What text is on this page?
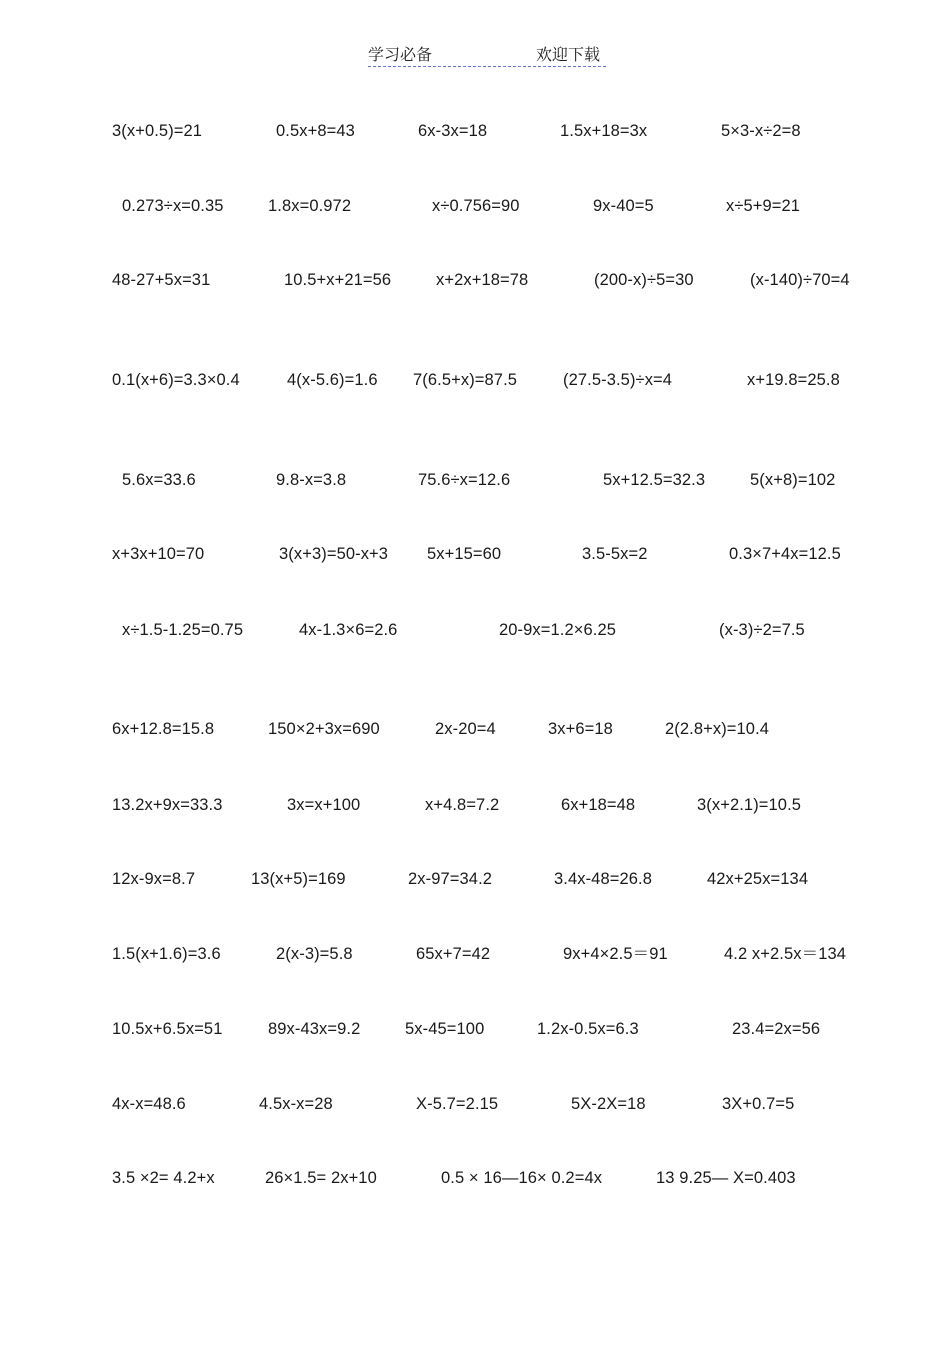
学习必备	欢迎下载
3(x+0.5)=21	0.5x+8=43	6x-3x=18	1.5x+18=3x	5×3-x÷2=8
0.273÷x=0.35	1.8x=0.972	x÷0.756=90	9x-40=5	x÷5+9=21
48-27+5x=31	10.5+x+21=56	x+2x+18=78	(200-x)÷5=30	(x-140)÷70=4
0.1(x+6)=3.3×0.4	4(x-5.6)=1.6 7(6.5+x)=87.5	(27.5-3.5)÷x=4	x+19.8=25.8
5.6x=33.6	9.8-x=3.8	75.6÷x=12.6	5x+12.5=32.3	5(x+8)=102
x+3x+10=70	3(x+3)=50-x+3 5x+15=60	3.5-5x=2	0.3×7+4x=12.5
x÷1.5-1.25=0.75	4x-1.3×6=2.6	20-9x=1.2×6.25	(x-3)÷2=7.5
6x+12.8=15.8	150×2+3x=690	2x-20=4	3x+6=18	2(2.8+x)=10.4
13.2x+9x=33.3	3x=x+100	x+4.8=7.2	6x+18=48	3(x+2.1)=10.5
12x-9x=8.7	13(x+5)=169	2x-97=34.2	3.4x-48=26.8	42x+25x=134
1.5(x+1.6)=3.6	2(x-3)=5.8	65x+7=42	9x+4×2.5＝91	4.2 x+2.5x＝134
10.5x+6.5x=51	89x-43x=9.2	5x-45=100	1.2x-0.5x=6.3	23.4=2x=56
4x-x=48.6	4.5x-x=28	X-5.7=2.15	5X-2X=18	3X+0.7=5
3.5 ×2= 4.2+x	26×1.5= 2x+10	0.5 × 16—16× 0.2=4x	13 9.25— X=0.403
